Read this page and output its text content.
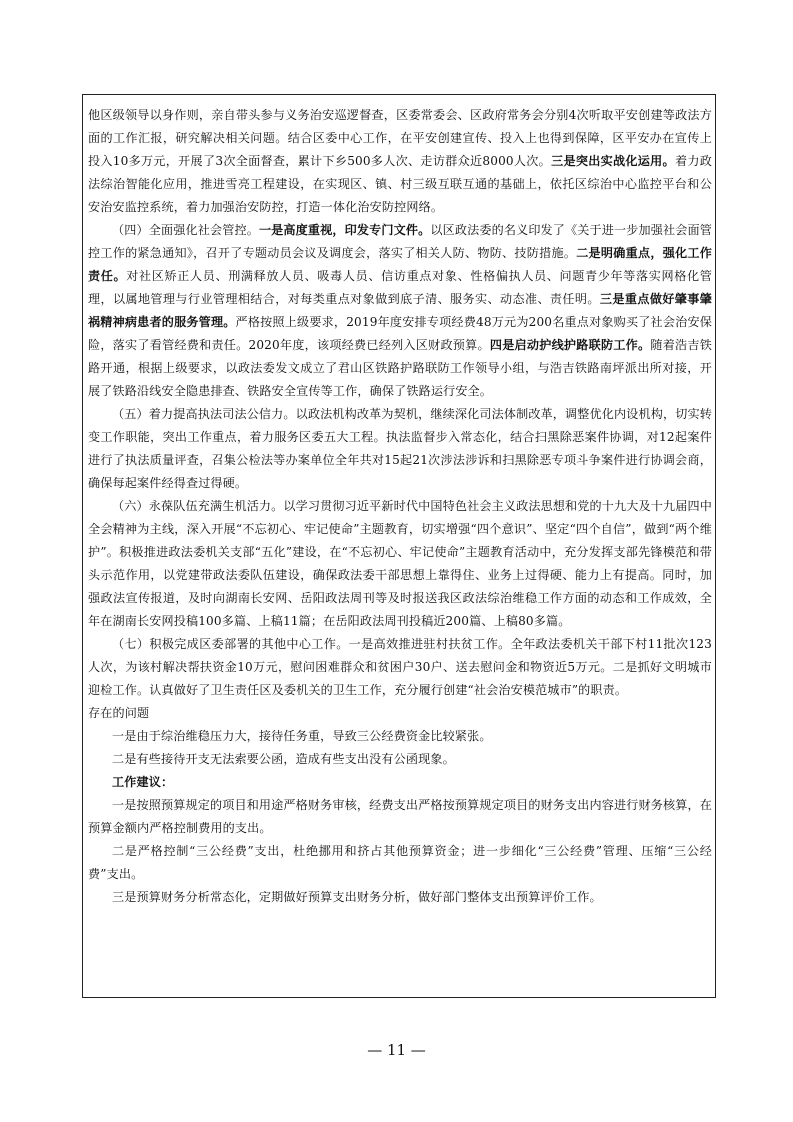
他区级领导以身作则，亲自带头参与义务治安巡逻督查，区委常委会、区政府常务会分别4次听取平安创建等政法方面的工作汇报，研究解决相关问题。结合区委中心工作，在平安创建宣传、投入上也得到保障，区平安办在宣传上投入10多万元，开展了3次全面督查，累计下乡500多人次、走访群众近8000人次。三是突出实战化运用。着力政法综治智能化应用，推进雪亮工程建设，在实现区、镇、村三级互联互通的基础上，依托区综治中心监控平台和公安治安监控系统，着力加强治安防控，打造一体化治安防控网络。

（四）全面强化社会管控。一是高度重视，印发专门文件。以区政法委的名义印发了《关于进一步加强社会面管控工作的紧急通知》，召开了专题动员会议及调度会，落实了相关人防、物防、技防措施。二是明确重点，强化工作责任。对社区矫正人员、刑满释放人员、吸毒人员、信访重点对象、性格偏执人员、问题青少年等落实网格化管理，以属地管理与行业管理相结合，对每类重点对象做到底子清、服务实、动态准、责任明。三是重点做好肇事肇祸精神病患者的服务管理。严格按照上级要求，2019年度安排专项经费48万元为200名重点对象购买了社会治安保险，落实了看管经费和责任。2020年度，该项经费已经列入区财政预算。四是启动护线护路联防工作。随着浩吉铁路开通，根据上级要求，以政法委发文成立了君山区铁路护路联防工作领导小组，与浩吉铁路南坪派出所对接，开展了铁路沿线安全隐患排查、铁路安全宣传等工作，确保了铁路运行安全。

（五）着力提高执法司法公信力。以政法机构改革为契机，继续深化司法体制改革，调整优化内设机构，切实转变工作职能，突出工作重点，着力服务区委五大工程。执法监督步入常态化，结合扫黑除恶案件协调，对12起案件进行了执法质量评查，召集公检法等办案单位全年共对15起21次涉法涉诉和扫黑除恶专项斗争案件进行协调会商，确保每起案件经得查过得硬。

（六）永葆队伍充满生机活力。以学习贯彻习近平新时代中国特色社会主义政法思想和党的十九大及十九届四中全会精神为主线，深入开展“不忘初心、牢记使命”主题教育，切实增强“四个意识”、坚定“四个自信”，做到“两个维护”。积极推进政法委机关支部“五化”建设，在“不忘初心、牢记使命”主题教育活动中，充分发挥支部先锋模范和带头示范作用，以党建带政法委队伍建设，确保政法委干部思想上靠得住、业务上过得硬、能力上有提高。同时，加强政法宣传报道，及时向湖南长安网、岳阳政法周刊等及时报送我区政法综治维稳工作方面的动态和工作成效，全年在湖南长安网投稿100多篇、上稿11篇；在岳阳政法周刊投稿近200篇、上稿80多篇。

（七）积极完成区委部署的其他中心工作。一是高效推进驻村扶贫工作。全年政法委机关干部下村11批次123人次，为该村解决帮扶资金10万元，慰问困难群众和贫困户30户、送去慰问金和物资近5万元。二是抓好文明城市迎检工作。认真做好了卫生责任区及委机关的卫生工作，充分履行创建“社会治安模范城市”的职责。

存在的问题

一是由于综治维稳压力大，接待任务重，导致三公经费资金比较紧张。

二是有些接待开支无法索要公函，造成有些支出没有公函现象。

工作建议：

一是按照预算规定的项目和用途严格财务审核，经费支出严格按预算规定项目的财务支出内容进行财务核算，在预算金额内严格控制费用的支出。

二是严格控制“三公经费”支出，杜绝挪用和挤占其他预算资金；进一步细化“三公经费”管理、压缩“三公经费”支出。

三是预算财务分析常态化，定期做好预算支出财务分析，做好部门整体支出预算评价工作。

— 11 —
